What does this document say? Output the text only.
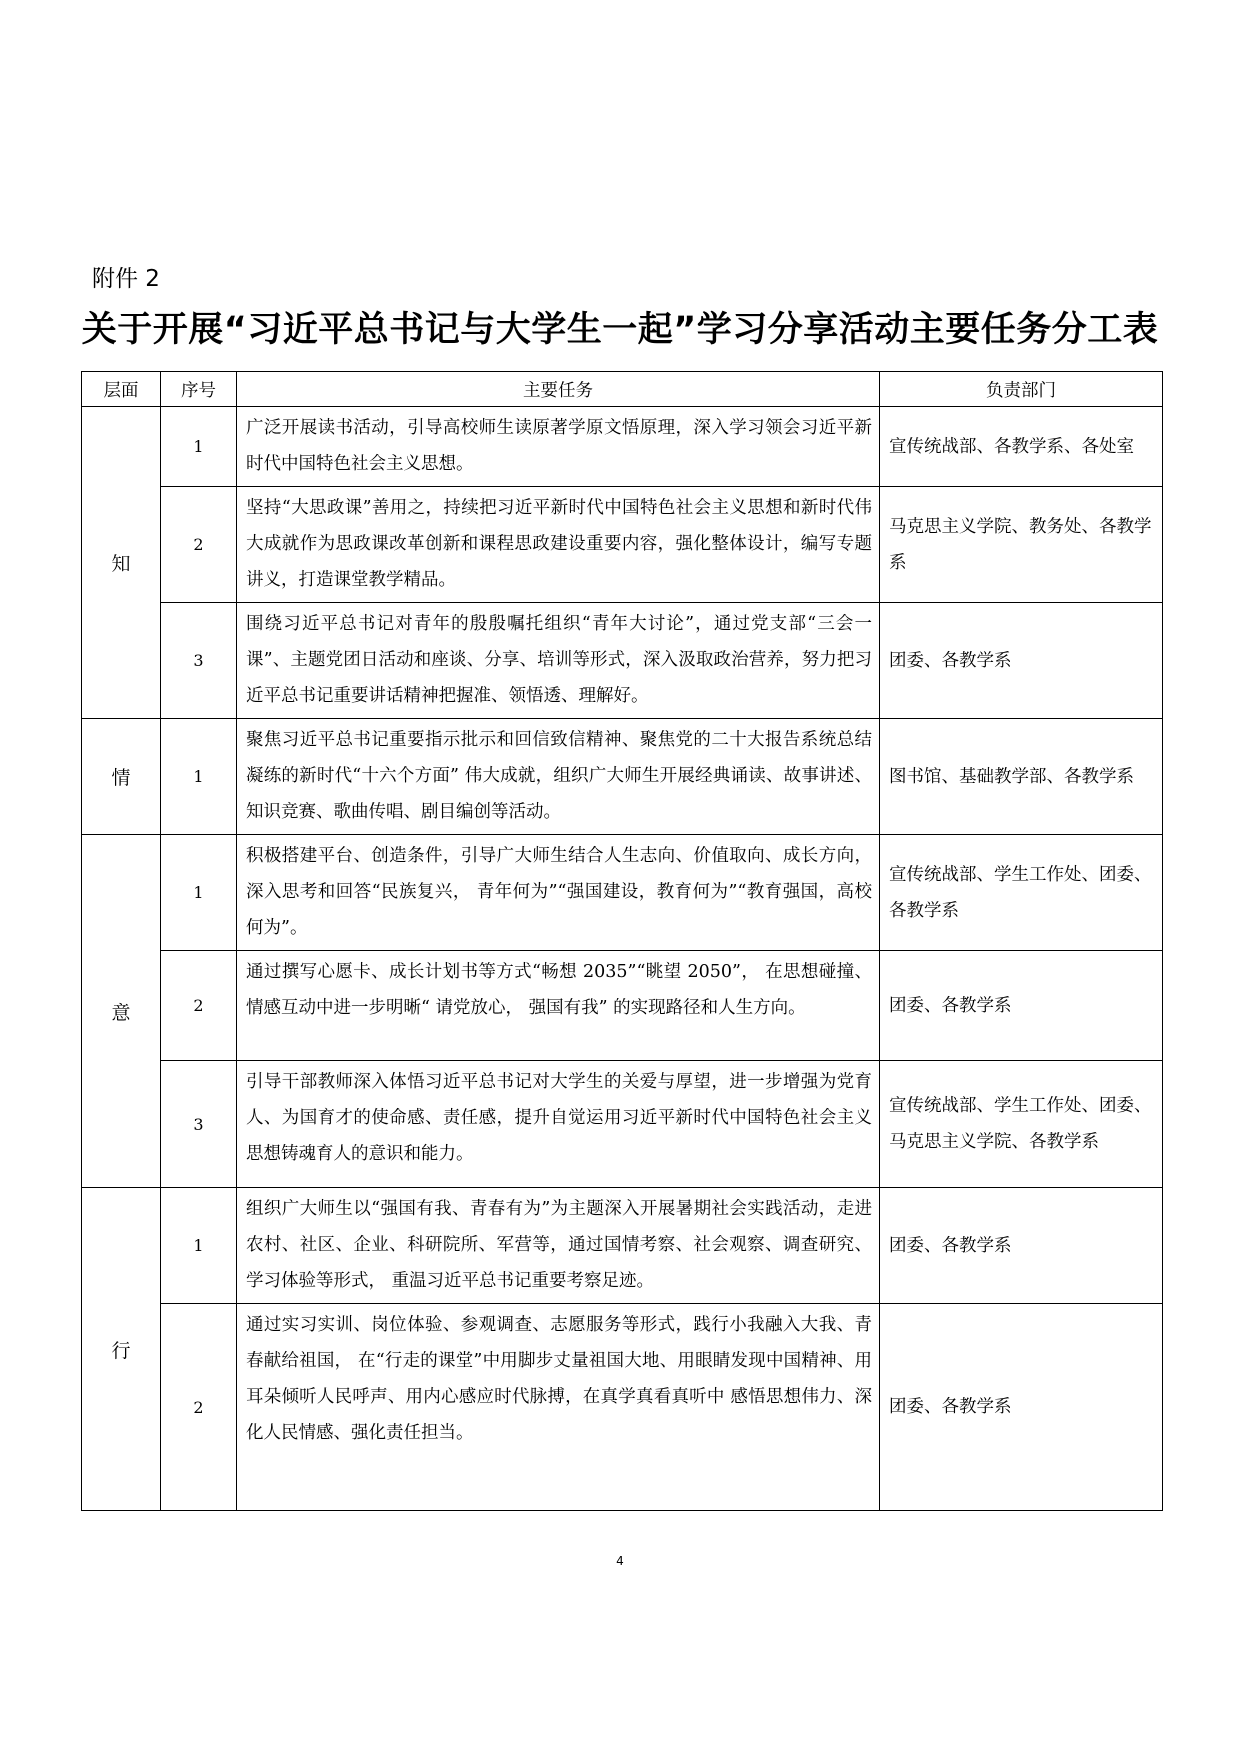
附件 2
关于开展“习近平总书记与大学生一起”学习分享活动主要任务分工表
层面	序号	主要任务	负责部门
知	1	广泛开展读书活动，引导高校师生读原著学原文悟原理，深入学习领会习近平新时代中国特色社会主义思想。	宣传统战部、各教学系、各处室
	2	坚持“大思政课”善用之，持续把习近平新时代中国特色社会主义思想和新时代伟大成就作为思政课改革创新和课程思政建设重要内容，强化整体设计，编写专题讲义，打造课堂教学精品。	马克思主义学院、教务处、各教学系
	3	围绕习近平总书记对青年的殷殷嘱托组织“青年大讨论”，通过党支部“三会一课”、主题党团日活动和座谈、分享、培训等形式，深入汲取政治营养，努力把习近平总书记重要讲话精神把握准、领悟透、理解好。	团委、各教学系
情	1	聚焦习近平总书记重要指示批示和回信致信精神、聚焦党的二十大报告系统总结凝练的新时代“十六个方面” 伟大成就，组织广大师生开展经典诵读、故事讲述、知识竞赛、歌曲传唱、剧目编创等活动。	图书馆、基础教学部、各教学系
意	1	积极搭建平台、创造条件，引导广大师生结合人生志向、价值取向、成长方向，深入思考和回答“民族复兴， 青年何为”“强国建设，教育何为”“教育强国，高校何为”。	宣传统战部、学生工作处、团委、各教学系
	2	通过撰写心愿卡、成长计划书等方式“畅想 2035”“眺望 2050”， 在思想碰撞、情感互动中进一步明晰“ 请党放心， 强国有我” 的实现路径和人生方向。	团委、各教学系
	3	引导干部教师深入体悟习近平总书记对大学生的关爱与厚望，进一步增强为党育人、为国育才的使命感、责任感，提升自觉运用习近平新时代中国特色社会主义思想铸魂育人的意识和能力。	宣传统战部、学生工作处、团委、马克思主义学院、各教学系
行	1	组织广大师生以“强国有我、青春有为”为主题深入开展暑期社会实践活动，走进农村、社区、企业、科研院所、军营等，通过国情考察、社会观察、调查研究、学习体验等形式， 重温习近平总书记重要考察足迹。	团委、各教学系
	2	通过实习实训、岗位体验、参观调查、志愿服务等形式，践行小我融入大我、青春献给祖国， 在“行走的课堂”中用脚步丈量祖国大地、用眼睛发现中国精神、用耳朵倾听人民呼声、用内心感应时代脉搏，在真学真看真听中 感悟思想伟力、深化人民情感、强化责任担当。	团委、各教学系
4
